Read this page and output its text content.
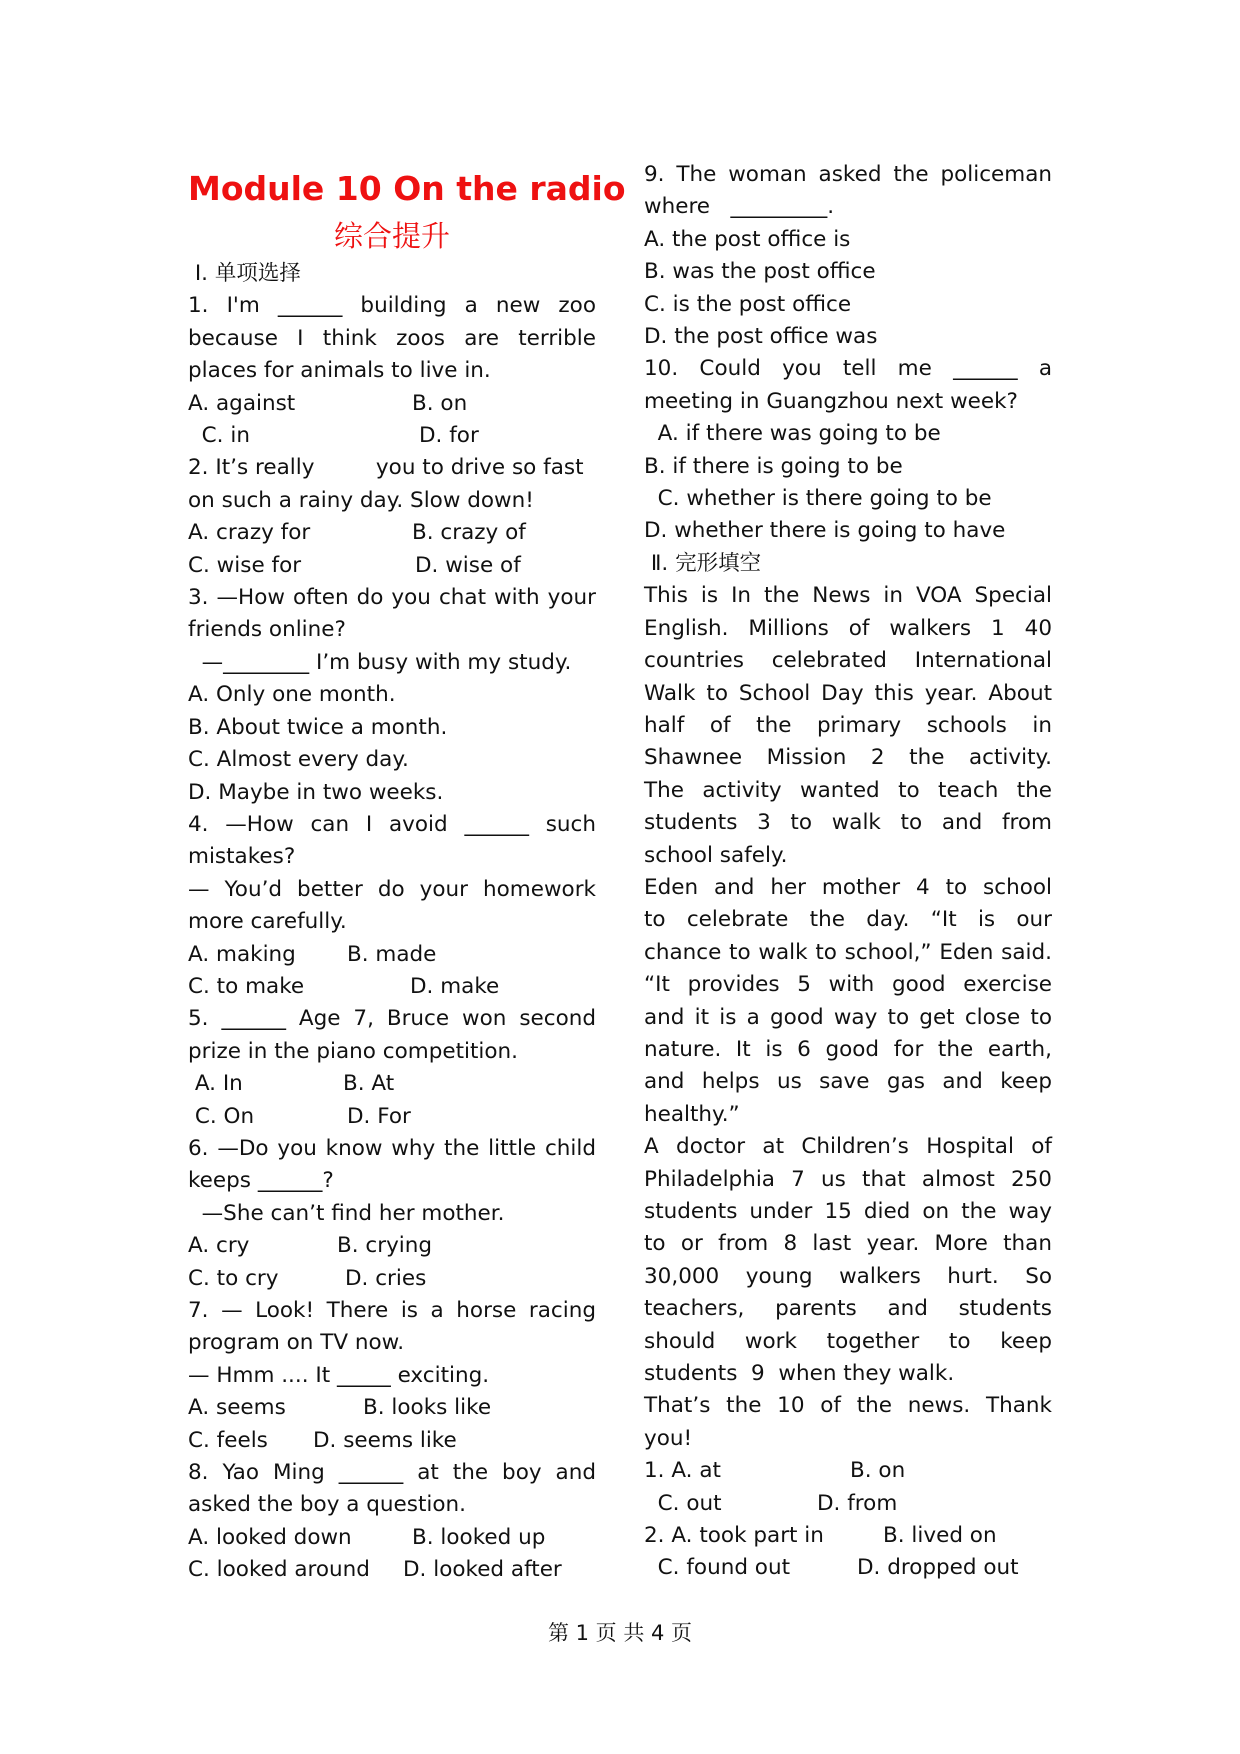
Module 10 On the radio
综合提升
Ⅰ. 单项选择
1. I'm ______ building a new zoo
because I think zoos are terrible
places for animals to live in.
A. against	B. on
C. in	D. for
2. It’s really         you to drive so fast
on such a rainy day. Slow down!
A. crazy for	B. crazy of
C. wise for	D. wise of
3. —How often do you chat with your
friends online?
—________ I’m busy with my study.
A. Only one month.
B. About twice a month.
C. Almost every day.
D. Maybe in two weeks.
4. —How can I avoid ______ such
mistakes?
— You’d better do your homework
more carefully.
A. making B. made
C. to make	D. make
5. ______ Age 7, Bruce won second
prize in the piano competition.
A. In	B. At
C. On	D. For
6. —Do you know why the little child
keeps ______?
—She can’t find her mother.
A. cry	B. crying
C. to cry	D. cries
7. — Look! There is a horse racing
program on TV now.
— Hmm .... It _____ exciting.
A. seems	B. looks like
C. feels D. seems like
8. Yao Ming ______ at the boy and
asked the boy a question.
A. looked down	B. looked up
C. looked around D. looked after
9. The woman asked the policeman
where   _________.
A. the post office is
B. was the post office
C. is the post office
D. the post office was
10. Could you tell me ______ a
meeting in Guangzhou next week?
A. if there was going to be
B. if there is going to be
C. whether is there going to be
D. whether there is going to have
Ⅱ. 完形填空
This is In the News in VOA Special
English. Millions of walkers 1 40
countries celebrated International
Walk to School Day this year. About
half of the primary schools in
Shawnee Mission 2 the activity.
The activity wanted to teach the
students 3 to walk to and from
school safely.
Eden and her mother 4 to school
to celebrate the day. “It is our
chance to walk to school,” Eden said.
“It provides 5 with good exercise
and it is a good way to get close to
nature. It is 6 good for the earth,
and helps us save gas and keep
healthy.”
A doctor at Children’s Hospital of
Philadelphia 7 us that almost 250
students under 15 died on the way
to or from 8 last year. More than
30,000 young walkers hurt. So
teachers, parents and students
should work together to keep
students  9  when they walk.
That’s the 10 of the news. Thank
you!
1. A. at	B. on
C. out	D. from
2. A. took part in	B. lived on
C. found out	D. dropped out
第 1 页 共 4 页
